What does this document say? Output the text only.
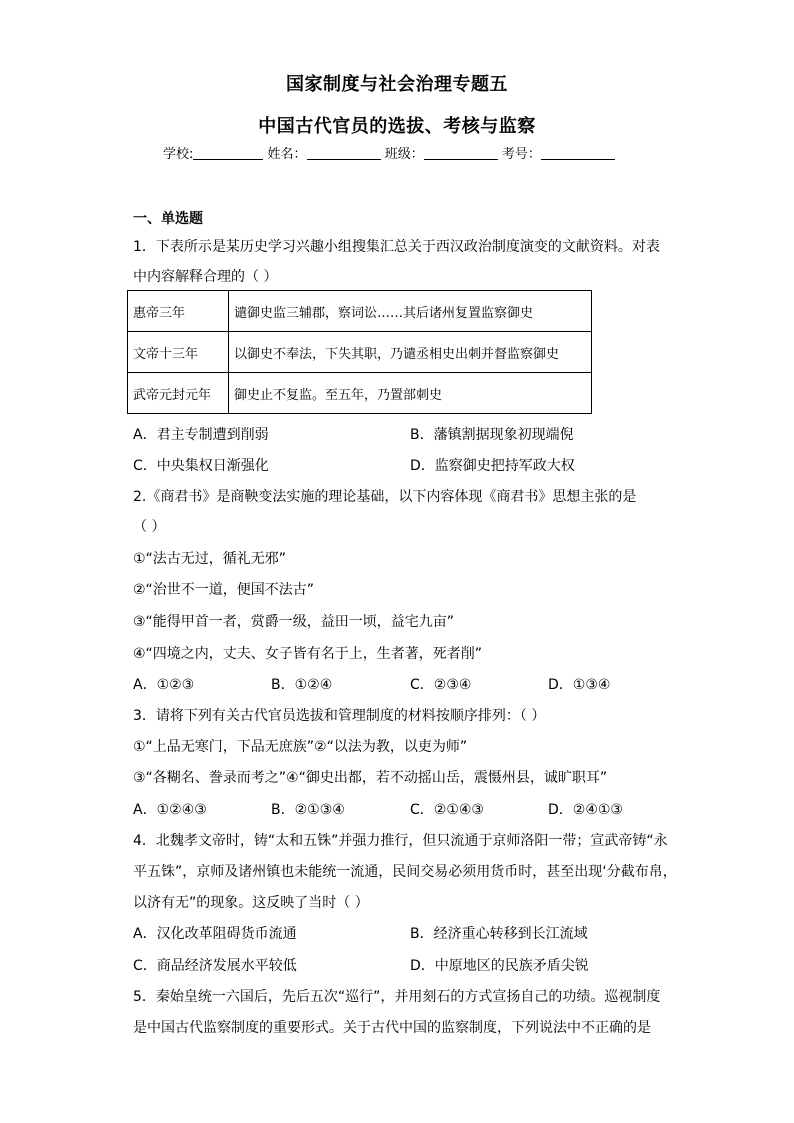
国家制度与社会治理专题五
中国古代官员的选拔、考核与监察
学校:	姓名：	班级：	考号：
一、单选题
1．下表所示是某历史学习兴趣小组搜集汇总关于西汉政治制度演变的文献资料。对表
中内容解释合理的（ ）
惠帝三年	谴御史监三辅郡，察词讼……其后诸州复置监察御史
文帝十三年	以御史不奉法，下失其职，乃谴丞相史出刺并督监察御史
武帝元封元年	御史止不复监。至五年，乃置部刺史
A．君主专制遭到削弱	B．藩镇割据现象初现端倪
C．中央集权日渐强化	D．监察御史把持军政大权
2.《商君书》是商鞅变法实施的理论基础，以下内容体现《商君书》思想主张的是
（ ）
①“法古无过，循礼无邪”
②“治世不一道，便国不法古”
③“能得甲首一者，赏爵一级，益田一顷，益宅九亩”
④“四境之内，丈夫、女子皆有名于上，生者著，死者削”
A．①②③	B．①②④	C．②③④	D．①③④
3．请将下列有关古代官员选拔和管理制度的材料按顺序排列：（ ）
①“上品无寒门，下品无庶族”②“以法为教，以吏为师”
③“各糊名、誊录而考之”④“御史出都，若不动摇山岳，震慑州县，诚旷职耳”
A．①②④③	B．②①③④	C．②①④③	D．②④①③
4．北魏孝文帝时，铸“太和五铢”并强力推行，但只流通于京师洛阳一带；宣武帝铸“永
平五铢”，京师及诸州镇也未能统一流通，民间交易必须用货币时，甚至出现‘分截布帛，
以济有无”的现象。这反映了当时（ ）
A．汉化改革阻碍货币流通	B．经济重心转移到长江流域
C．商品经济发展水平较低	D．中原地区的民族矛盾尖锐
5．秦始皇统一六国后，先后五次“巡行”，并用刻石的方式宣扬自己的功绩。巡视制度
是中国古代监察制度的重要形式。关于古代中国的监察制度，下列说法中不正确的是
